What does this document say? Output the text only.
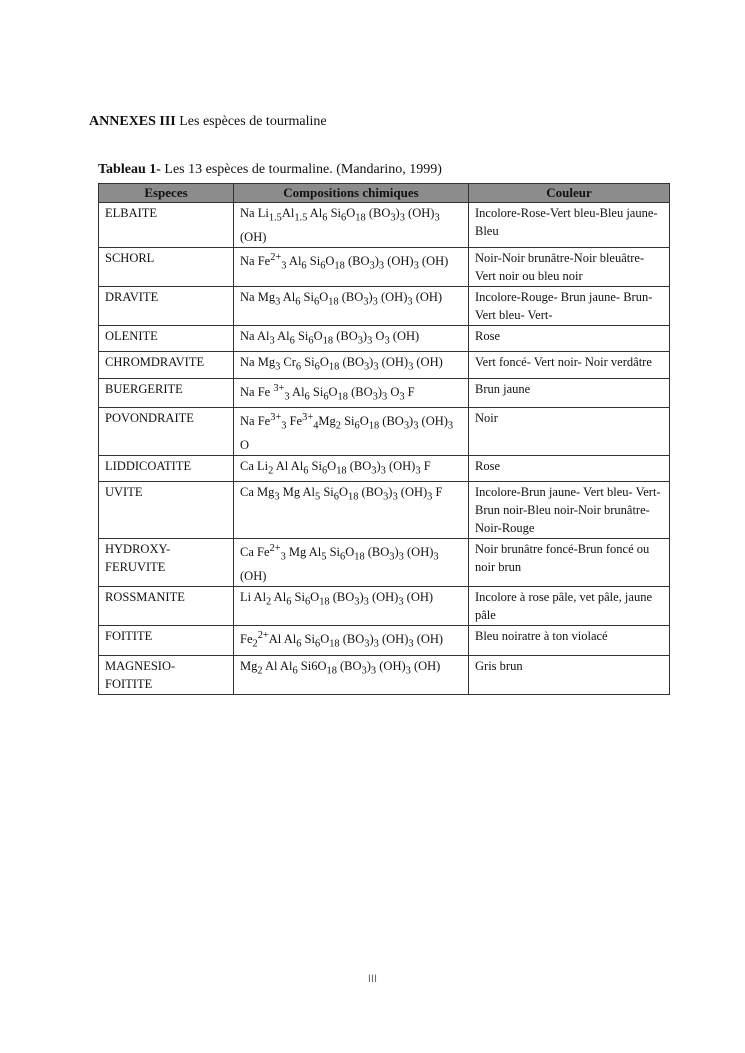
ANNEXES III Les espèces de tourmaline
Tableau 1- Les 13 espèces de tourmaline. (Mandarino, 1999)
Especes	Compositions chimiques	Couleur
ELBAITE	Na $Li_{1.5}Al_{1.5}$ $Al_6$ $Si_6O_{18}$ $(BO_3)_3$ $(OH)_3$ (OH)	Incolore-Rose-Vert bleu-Bleu jaune-Bleu
SCHORL	Na $Fe^{2+}_3$ $Al_6$ $Si_6O_{18}$ $(BO_3)_3$ $(OH)_3$ (OH)	Noir-Noir brunâtre-Noir bleuâtre- Vert noir ou bleu noir
DRAVITE	Na $Mg_3$ $Al_6$ $Si_6O_{18}$ $(BO_3)_3$ $(OH)_3$ (OH)	Incolore-Rouge- Brun jaune- Brun-Vert bleu- Vert-
OLENITE	Na $Al_3$ $Al_6$ $Si_6O_{18}$ $(BO_3)_3$ $O_3$ (OH)	Rose
CHROMDRAVITE	Na $Mg_3$ $Cr_6$ $Si_6O_{18}$ $(BO_3)_3$ $(OH)_3$ (OH)	Vert foncé- Vert noir- Noir verdâtre
BUERGERITE	Na Fe $^{3+}_3$ $Al_6$ $Si_6O_{18}$ $(BO_3)_3$ $O_3$ F	Brun jaune
POVONDRAITE	Na $Fe^{3+}_3$ $Fe^{3+}_4Mg_2$ $Si_6O_{18}$ $(BO_3)_3$ $(OH)_3$ O	Noir
LIDDICOATITE	Ca $Li_2$ Al $Al_6$ $Si_6O_{18}$ $(BO_3)_3$ $(OH)_3$ F	Rose
UVITE	Ca $Mg_3$ Mg $Al_5$ $Si_6O_{18}$ $(BO_3)_3$ $(OH)_3$ F	Incolore-Brun jaune- Vert bleu- Vert- Brun noir-Bleu noir-Noir brunâtre-Noir-Rouge
HYDROXY-
FERUVITE	Ca $Fe^{2+}_3$ Mg $Al_5$ $Si_6O_{18}$ $(BO_3)_3$ $(OH)_3$ (OH)	Noir brunâtre foncé-Brun foncé ou noir brun
ROSSMANITE	Li $Al_2$ $Al_6$ $Si_6O_{18}$ $(BO_3)_3$ $(OH)_3$ (OH)	Incolore à rose pâle, vet pâle, jaune pâle
FOITITE	$Fe_2^{2+}Al$ $Al_6$ $Si_6O_{18}$ $(BO_3)_3$ $(OH)_3$ (OH)	Bleu noiratre à ton violacé
MAGNESIO-
FOITITE	$Mg_2$ Al $Al_6$ $Si6O_{18}$ $(BO_3)_3$ $(OH)_3$ (OH)	Gris brun
III
